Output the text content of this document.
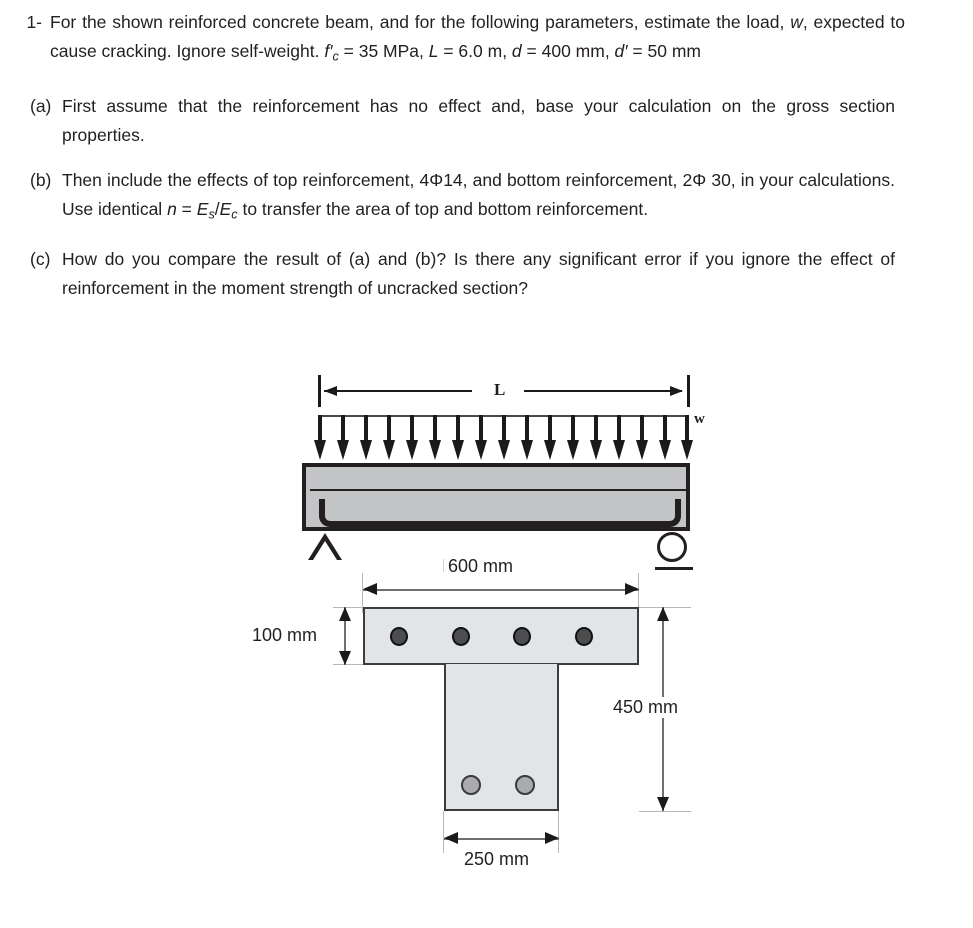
1- For the shown reinforced concrete beam, and for the following parameters, estimate the load, w, expected to cause cracking. Ignore self-weight. $f'_c = 35$ MPa, L = 6.0 m, d = 400 mm, d′ = 50 mm
(a) First assume that the reinforcement has no effect and, base your calculation on the gross section properties.
(b) Then include the effects of top reinforcement, 4Φ14, and bottom reinforcement, 2Φ 30, in your calculations. Use identical $n = E_s/E_c$ to transfer the area of top and bottom reinforcement.
(c) How do you compare the result of (a) and (b)? Is there any significant error if you ignore the effect of reinforcement in the moment strength of uncracked section?
L
w
600 mm
100 mm
450 mm
250 mm
